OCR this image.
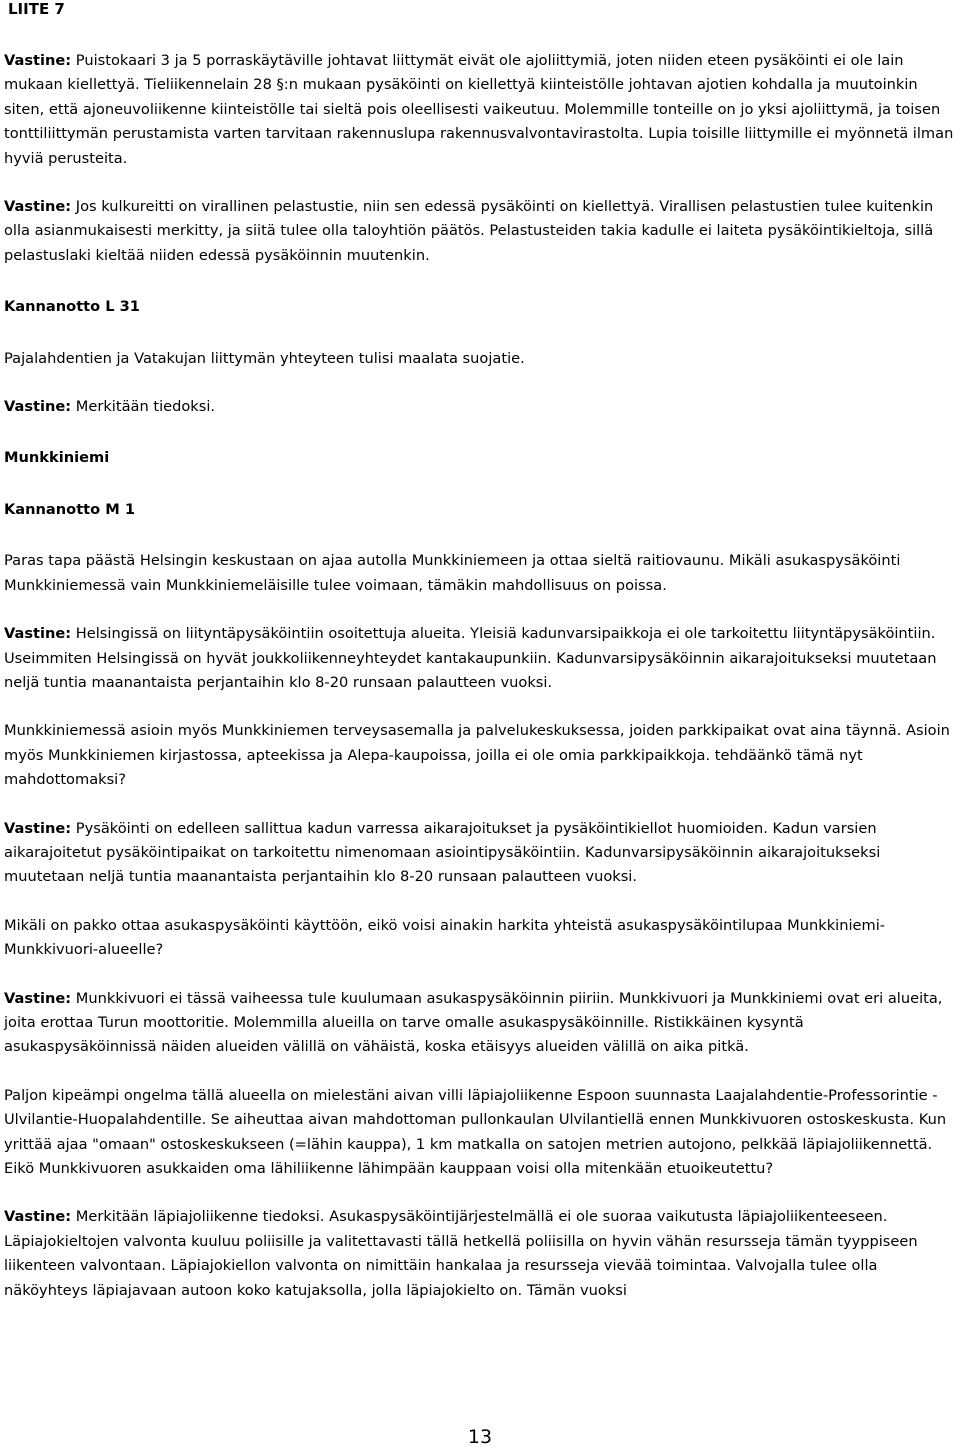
LIITE 7

Vastine: Puistokaari 3 ja 5 porraskäytäville johtavat liittymät eivät ole ajoliittymiä, joten niiden eteen pysäköinti ei ole lain mukaan kiellettyä. Tieliikennelain 28 §:n mukaan pysäköinti on kiellettyä kiinteistölle johtavan ajotien kohdalla ja muutoinkin siten, että ajoneuvoliikenne kiinteistölle tai sieltä pois oleellisesti vaikeutuu. Molemmille tonteille on jo yksi ajoliittymä, ja toisen tonttiliittymän perustamista varten tarvitaan rakennuslupa rakennusvalvontavirastolta. Lupia toisille liittymille ei myönnetä ilman hyviä perusteita.

Vastine: Jos kulkureitti on virallinen pelastustie, niin sen edessä pysäköinti on kiellettyä. Virallisen pelastustien tulee kuitenkin olla asianmukaisesti merkitty, ja siitä tulee olla taloyhtiön päätös. Pelastusteiden takia kadulle ei laiteta pysäköintikieltoja, sillä pelastuslaki kieltää niiden edessä pysäköinnin muutenkin.

Kannanotto L 31

Pajalahdentien ja Vatakujan liittymän yhteyteen tulisi maalata suojatie.

Vastine: Merkitään tiedoksi.

Munkkiniemi

Kannanotto M 1

Paras tapa päästä Helsingin keskustaan on ajaa autolla Munkkiniemeen ja ottaa sieltä raitiovaunu. Mikäli asukaspysäköinti Munkkiniemessä vain Munkkiniemeläisille tulee voimaan, tämäkin mahdollisuus on poissa.

Vastine: Helsingissä on liityntäpysäköintiin osoitettuja alueita. Yleisiä kadunvarsipaikkoja ei ole tarkoitettu liityntäpysäköintiin. Useimmiten Helsingissä on hyvät joukkoliikenneyhteydet kantakaupunkiin. Kadunvarsipysäköinnin aikarajoitukseksi muutetaan neljä tuntia maanantaista perjantaihin klo 8-20 runsaan palautteen vuoksi.

Munkkiniemessä asioin myös Munkkiniemen terveysasemalla ja palvelukeskuksessa, joiden parkkipaikat ovat aina täynnä. Asioin myös Munkkiniemen kirjastossa, apteekissa ja Alepa-kaupoissa, joilla ei ole omia parkkipaikkoja. tehdäänkö tämä nyt mahdottomaksi?

Vastine: Pysäköinti on edelleen sallittua kadun varressa aikarajoitukset ja pysäköintikiellot huomioiden. Kadun varsien aikarajoitetut pysäköintipaikat on tarkoitettu nimenomaan asiointipysäköintiin. Kadunvarsipysäköinnin aikarajoitukseksi muutetaan neljä tuntia maanantaista perjantaihin klo 8-20 runsaan palautteen vuoksi.

Mikäli on pakko ottaa asukaspysäköinti käyttöön, eikö voisi ainakin harkita yhteistä asukaspysäköintilupaa Munkkiniemi-Munkkivuori-alueelle?

Vastine: Munkkivuori ei tässä vaiheessa tule kuulumaan asukaspysäköinnin piiriin. Munkkivuori ja Munkkiniemi ovat eri alueita, joita erottaa Turun moottoritie. Molemmilla alueilla on tarve omalle asukaspysäköinnille. Ristikkäinen kysyntä asukaspysäköinnissä näiden alueiden välillä on vähäistä, koska etäisyys alueiden välillä on aika pitkä.

Paljon kipeämpi ongelma tällä alueella on mielestäni aivan villi läpiajoliikenne Espoon suunnasta Laajalahdentie-Professorintie -Ulvilantie-Huopalahdentille. Se aiheuttaa aivan mahdottoman pullonkaulan Ulvilantiellä ennen Munkkivuoren ostoskeskusta. Kun yrittää ajaa "omaan" ostoskeskukseen (=lähin kauppa), 1 km matkalla on satojen metrien autojono, pelkkää läpiajoliikennettä. Eikö Munkkivuoren asukkaiden oma lähiliikenne lähimpään kauppaan voisi olla mitenkään etuoikeutettu?

Vastine: Merkitään läpiajoliikenne tiedoksi. Asukaspysäköintijärjestelmällä ei ole suoraa vaikutusta läpiajoliikenteeseen. Läpiajokieltojen valvonta kuuluu poliisille ja valitettavasti tällä hetkellä poliisilla on hyvin vähän resursseja tämän tyyppiseen liikenteen valvontaan. Läpiajokiellon valvonta on nimittäin hankalaa ja resursseja vievää toimintaa. Valvojalla tulee olla näköyhteys läpiajavaan autoon koko katujaksolla, jolla läpiajokielto on. Tämän vuoksi

13
